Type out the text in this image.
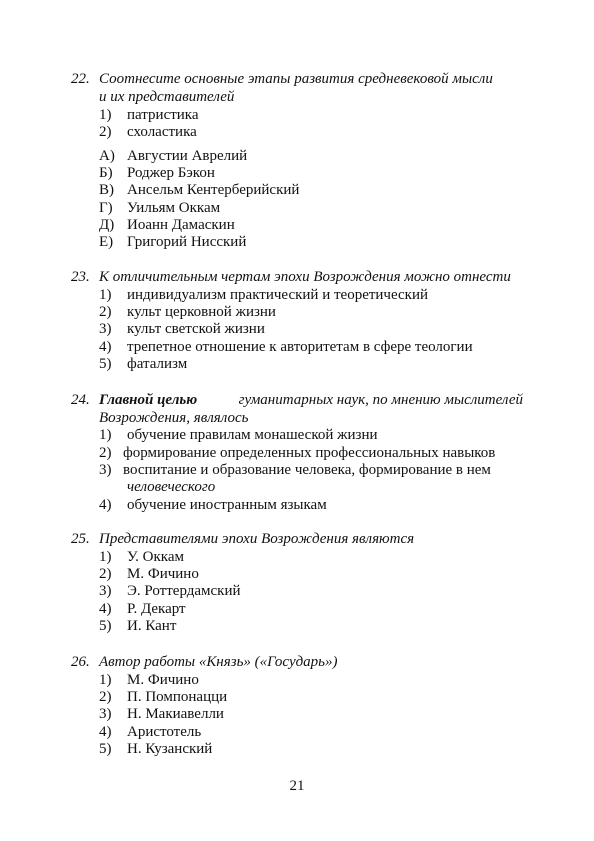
22. Соотнесите основные этапы развития средневековой мысли
и их представителей
1) патристика
2) схоластика
А) Августии Аврелий
Б) Роджер Бэкон
В) Ансельм Кентерберийский
Г) Уильям Оккам
Д) Иоанн Дамаскин
Е) Григорий Нисский
23. К отличительным чертам эпохи Возрождения можно отнести
1) индивидуализм практический и теоретический
2) культ церковной жизни
3) культ светской жизни
4) трепетное отношение к авторитетам в сфере теологии
5) фатализм
24. Главной целью	гуманитарных наук, по мнению мыслителей
Возрождения, являлось
1) обучение правилам монашеской жизни
2) формирование определенных профессиональных навыков
3) воспитание и образование человека, формирование в нем
человеческого
4) обучение иностранным языкам
25. Представителями эпохи Возрождения являются
1) У. Оккам
2) М. Фичино
3) Э. Роттердамский
4) Р. Декарт
5) И. Кант
26. Автор работы «Князь» («Государь»)
1) М. Фичино
2) П. Помпонацци
3) Н. Макиавелли
4) Аристотель
5) Н. Кузанский
21
